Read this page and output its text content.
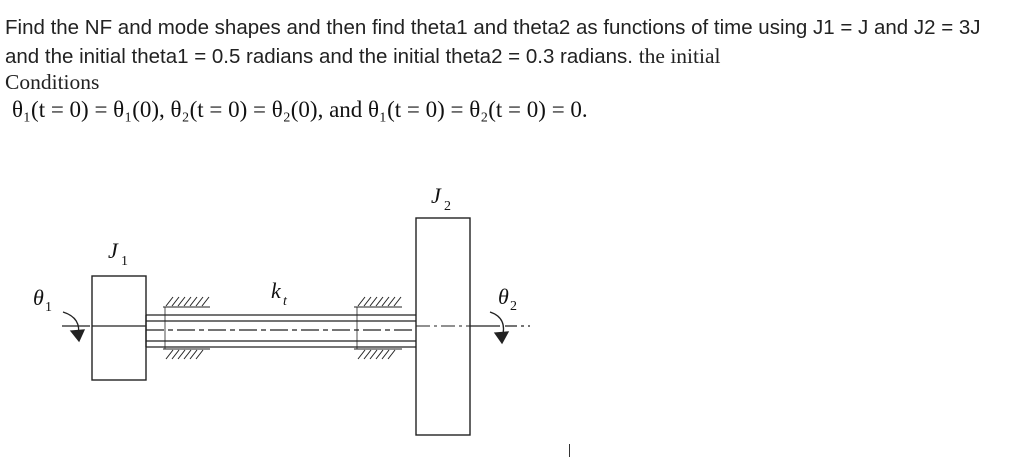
Find the NF and mode shapes and then find theta1 and theta2 as functions of time using J1 = J and J2 = 3J and the initial theta1 = 0.5 radians and the initial theta2 = 0.3 radians. the initial
Conditions
θ₁(t = 0) = θ₁(0), θ₂(t = 0) = θ₂(0), and θ₁(t = 0) = θ₂(t = 0) = 0.
J 2
J 1
θ 1	θ 2
k t
